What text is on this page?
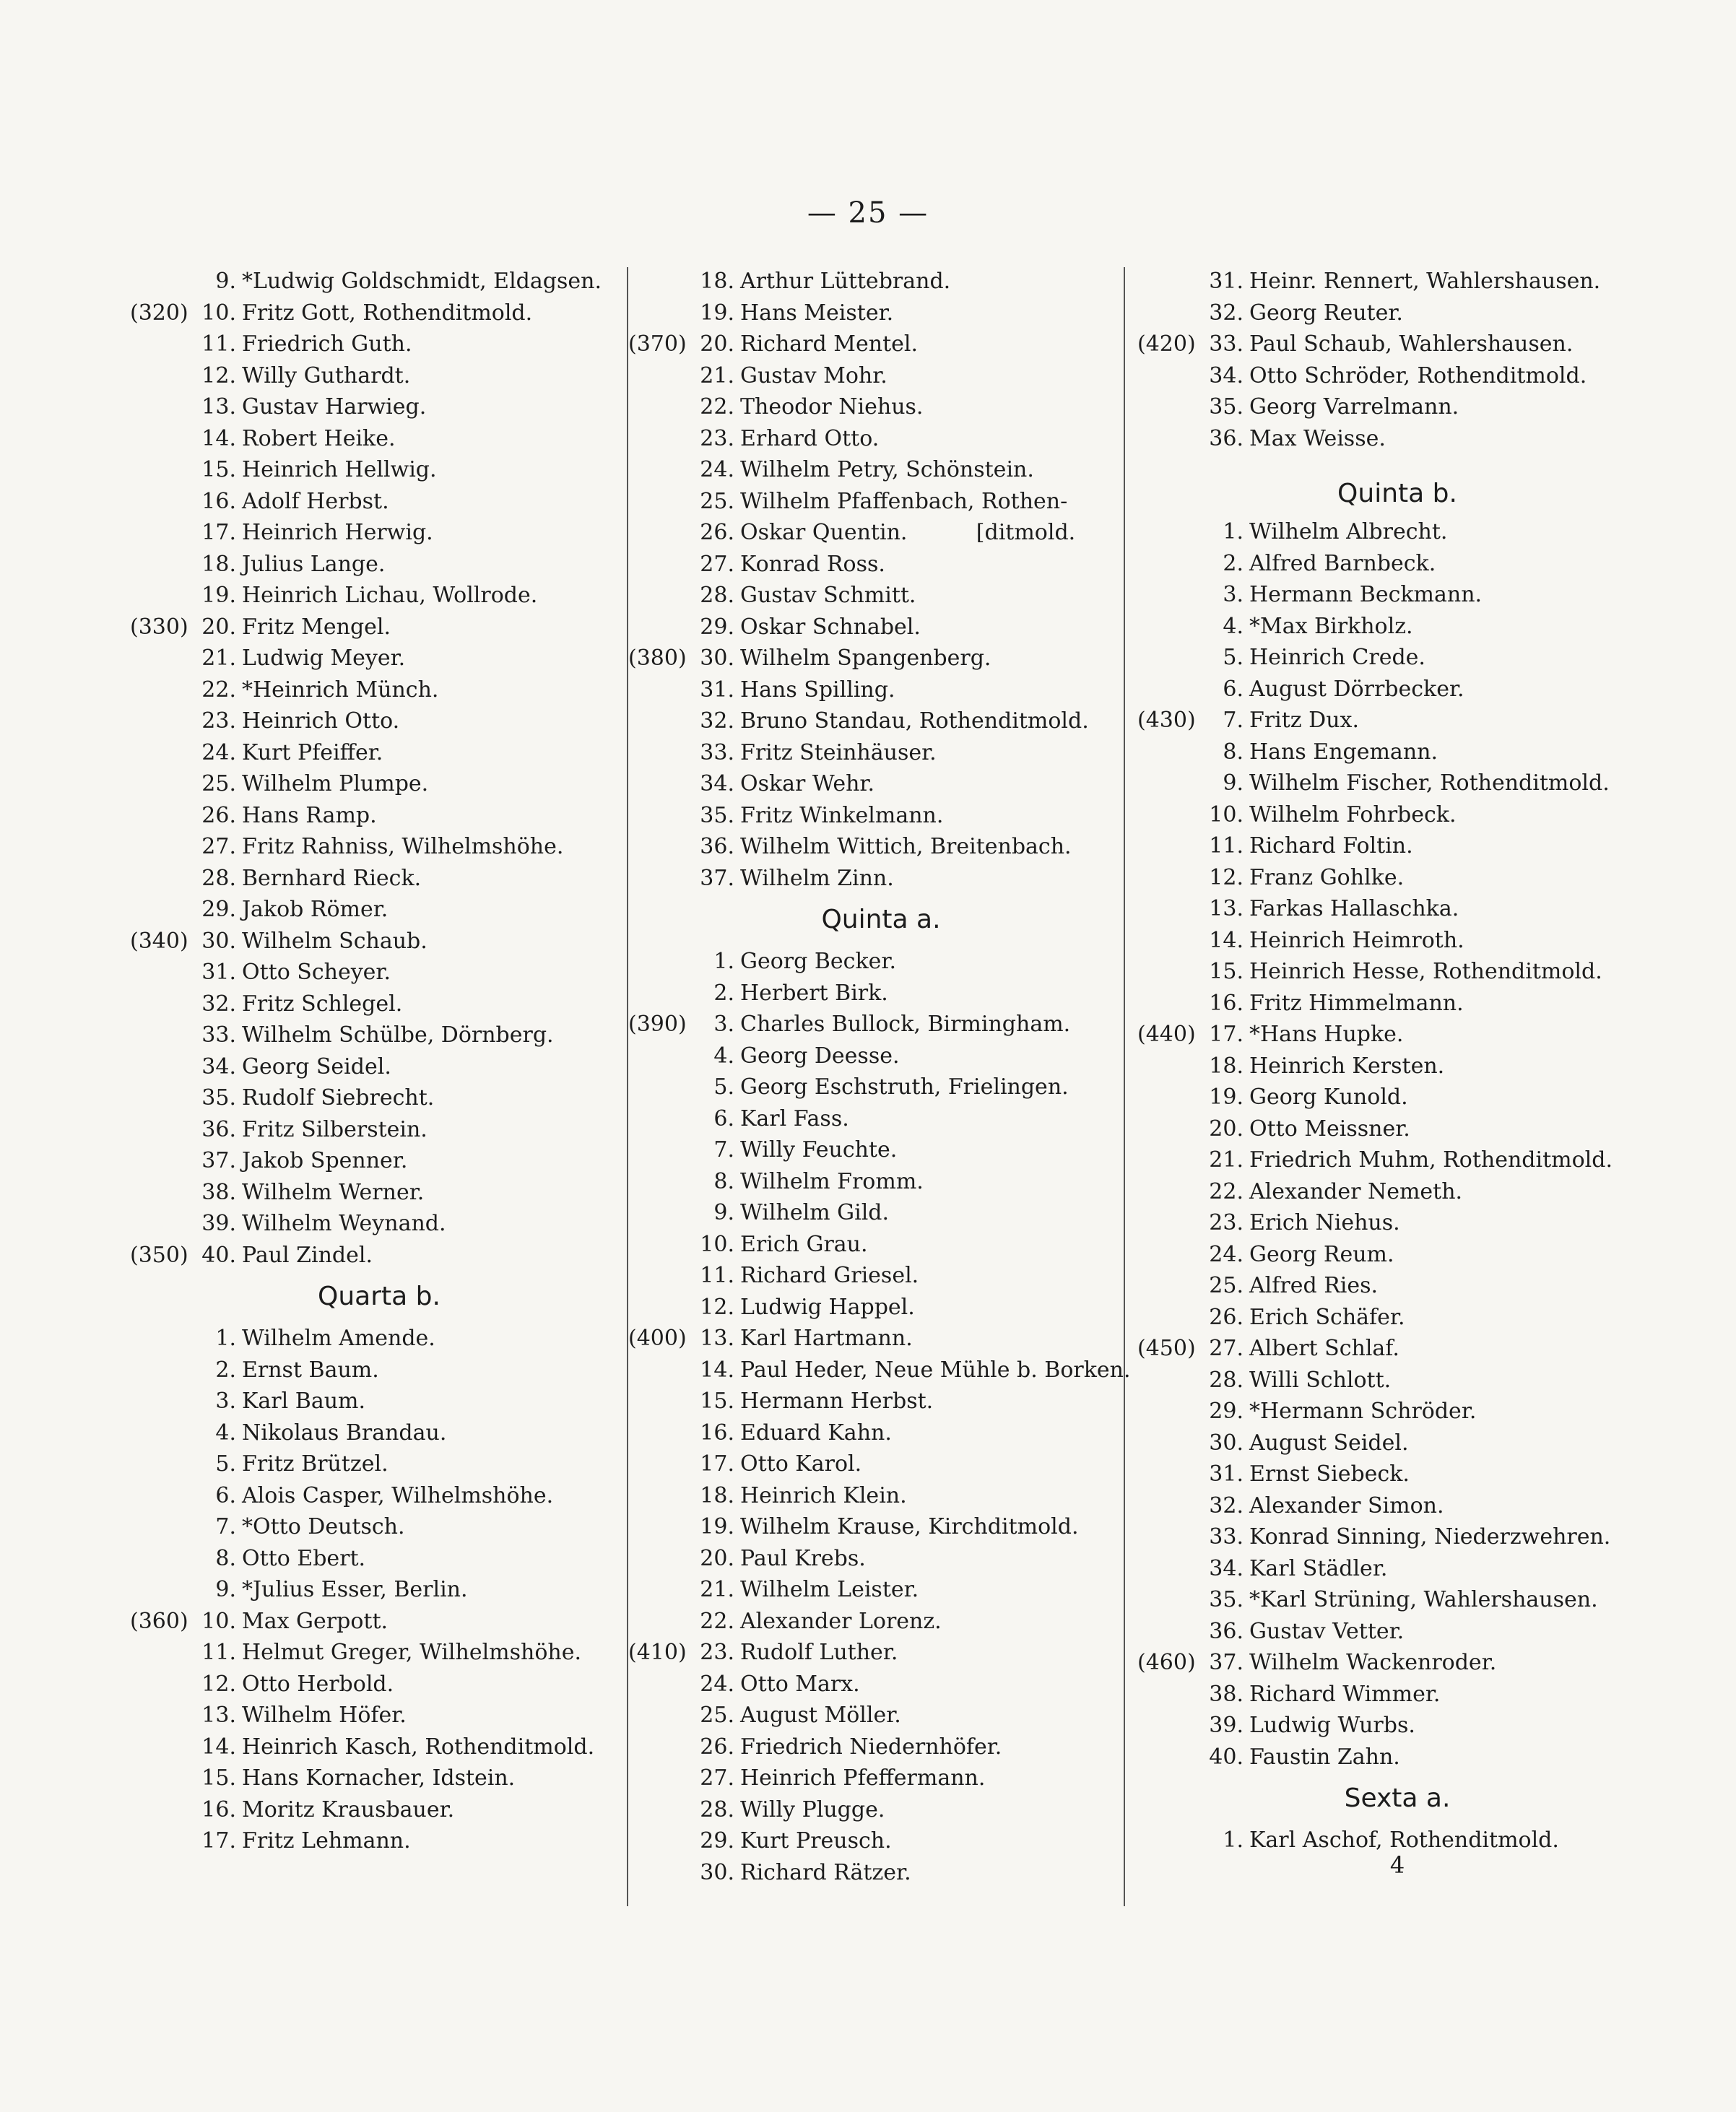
— 25 —
9. *Ludwig Goldschmidt, Eldagsen.
(320) 10. Fritz Gott, Rothenditmold.
11. Friedrich Guth.
12. Willy Guthardt.
13. Gustav Harwieg.
14. Robert Heike.
15. Heinrich Hellwig.
16. Adolf Herbst.
17. Heinrich Herwig.
18. Julius Lange.
19. Heinrich Lichau, Wollrode.
(330) 20. Fritz Mengel.
21. Ludwig Meyer.
22. *Heinrich Münch.
23. Heinrich Otto.
24. Kurt Pfeiffer.
25. Wilhelm Plumpe.
26. Hans Ramp.
27. Fritz Rahniss, Wilhelmshöhe.
28. Bernhard Rieck.
29. Jakob Römer.
(340) 30. Wilhelm Schaub.
31. Otto Scheyer.
32. Fritz Schlegel.
33. Wilhelm Schülbe, Dörnberg.
34. Georg Seidel.
35. Rudolf Siebrecht.
36. Fritz Silberstein.
37. Jakob Spenner.
38. Wilhelm Werner.
39. Wilhelm Weynand.
(350) 40. Paul Zindel.
Quarta b.
1. Wilhelm Amende.
2. Ernst Baum.
3. Karl Baum.
4. Nikolaus Brandau.
5. Fritz Brützel.
6. Alois Casper, Wilhelmshöhe.
7. *Otto Deutsch.
8. Otto Ebert.
9. *Julius Esser, Berlin.
(360) 10. Max Gerpott.
11. Helmut Greger, Wilhelmshöhe.
12. Otto Herbold.
13. Wilhelm Höfer.
14. Heinrich Kasch, Rothenditmold.
15. Hans Kornacher, Idstein.
16. Moritz Krausbauer.
17. Fritz Lehmann.
18. Arthur Lüttebrand.
19. Hans Meister.
(370) 20. Richard Mentel.
21. Gustav Mohr.
22. Theodor Niehus.
23. Erhard Otto.
24. Wilhelm Petry, Schönstein.
25. Wilhelm Pfaffenbach, Rothen-
26. Oskar Quentin.          [ditmold.
27. Konrad Ross.
28. Gustav Schmitt.
29. Oskar Schnabel.
(380) 30. Wilhelm Spangenberg.
31. Hans Spilling.
32. Bruno Standau, Rothenditmold.
33. Fritz Steinhäuser.
34. Oskar Wehr.
35. Fritz Winkelmann.
36. Wilhelm Wittich, Breitenbach.
37. Wilhelm Zinn.
Quinta a.
1. Georg Becker.
2. Herbert Birk.
(390)	3. Charles Bullock, Birmingham.
4. Georg Deesse.
5. Georg Eschstruth, Frielingen.
6. Karl Fass.
7. Willy Feuchte.
8. Wilhelm Fromm.
9. Wilhelm Gild.
10. Erich Grau.
11. Richard Griesel.
12. Ludwig Happel.
(400) 13. Karl Hartmann.
14. Paul Heder, Neue Mühle b. Borken.
15. Hermann Herbst.
16. Eduard Kahn.
17. Otto Karol.
18. Heinrich Klein.
19. Wilhelm Krause, Kirchditmold.
20. Paul Krebs.
21. Wilhelm Leister.
22. Alexander Lorenz.
(410) 23. Rudolf Luther.
24. Otto Marx.
25. August Möller.
26. Friedrich Niedernhöfer.
27. Heinrich Pfeffermann.
28. Willy Plugge.
29. Kurt Preusch.
30. Richard Rätzer.
31. Heinr. Rennert, Wahlershausen.
32. Georg Reuter.
(420) 33. Paul Schaub, Wahlershausen.
34. Otto Schröder, Rothenditmold.
35. Georg Varrelmann.
36. Max Weisse.
Quinta b.
1. Wilhelm Albrecht.
2. Alfred Barnbeck.
3. Hermann Beckmann.
4. *Max Birkholz.
5. Heinrich Crede.
6. August Dörrbecker.
(430)	7. Fritz Dux.
8. Hans Engemann.
9. Wilhelm Fischer, Rothenditmold.
10. Wilhelm Fohrbeck.
11. Richard Foltin.
12. Franz Gohlke.
13. Farkas Hallaschka.
14. Heinrich Heimroth.
15. Heinrich Hesse, Rothenditmold.
16. Fritz Himmelmann.
(440) 17. *Hans Hupke.
18. Heinrich Kersten.
19. Georg Kunold.
20. Otto Meissner.
21. Friedrich Muhm, Rothenditmold.
22. Alexander Nemeth.
23. Erich Niehus.
24. Georg Reum.
25. Alfred Ries.
26. Erich Schäfer.
(450) 27. Albert Schlaf.
28. Willi Schlott.
29. *Hermann Schröder.
30. August Seidel.
31. Ernst Siebeck.
32. Alexander Simon.
33. Konrad Sinning, Niederzwehren.
34. Karl Städler.
35. *Karl Strüning, Wahlershausen.
36. Gustav Vetter.
(460) 37. Wilhelm Wackenroder.
38. Richard Wimmer.
39. Ludwig Wurbs.
40. Faustin Zahn.
Sexta a.
1. Karl Aschof, Rothenditmold.
4
